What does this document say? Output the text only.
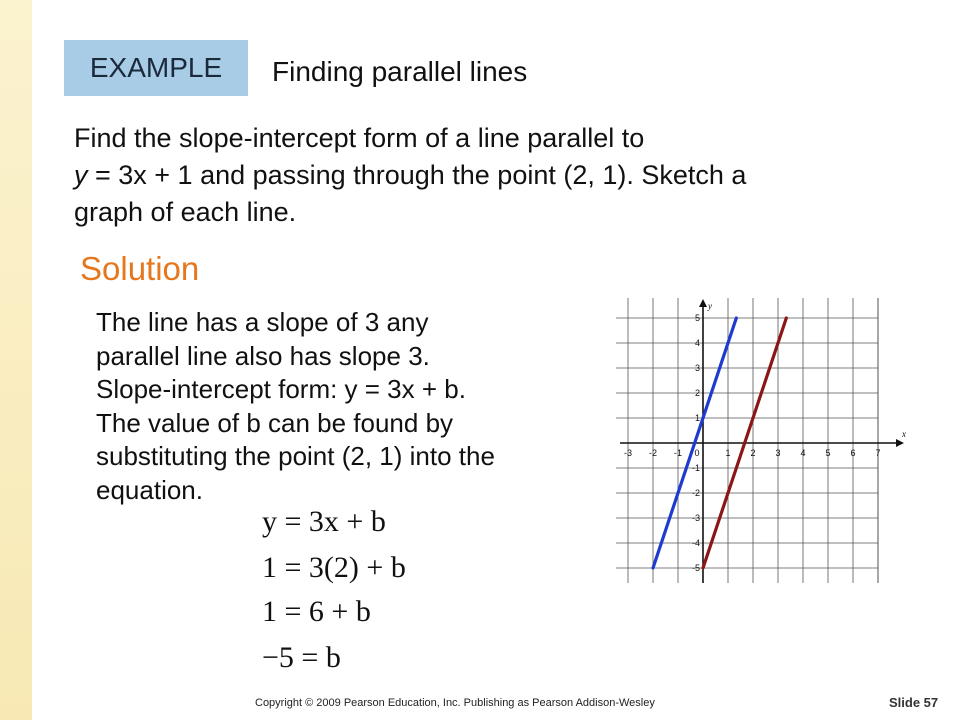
EXAMPLE Finding parallel lines

Find the slope-intercept form of a line parallel to

y = 3x + 1 and passing through the point (2, 1). Sketch a

graph of each line.

Solution

The line has a slope of 3 any

parallel line also has slope 3.

Slope-intercept form: y = 3x + b.

The value of b can be found by

substituting the point (2, 1) into the

equation.

y = 3x + b
1 = 3(2) + b
1 = 6 + b
−5 = b
x
y
-3 -2 -1 0	1 2 3 4 5 6 7
5
4
3
2
1
-1
-2
-3
-4
-5
Copyright © 2009 Pearson Education, Inc. Publishing as Pearson Addison-Wesley	Slide 57
